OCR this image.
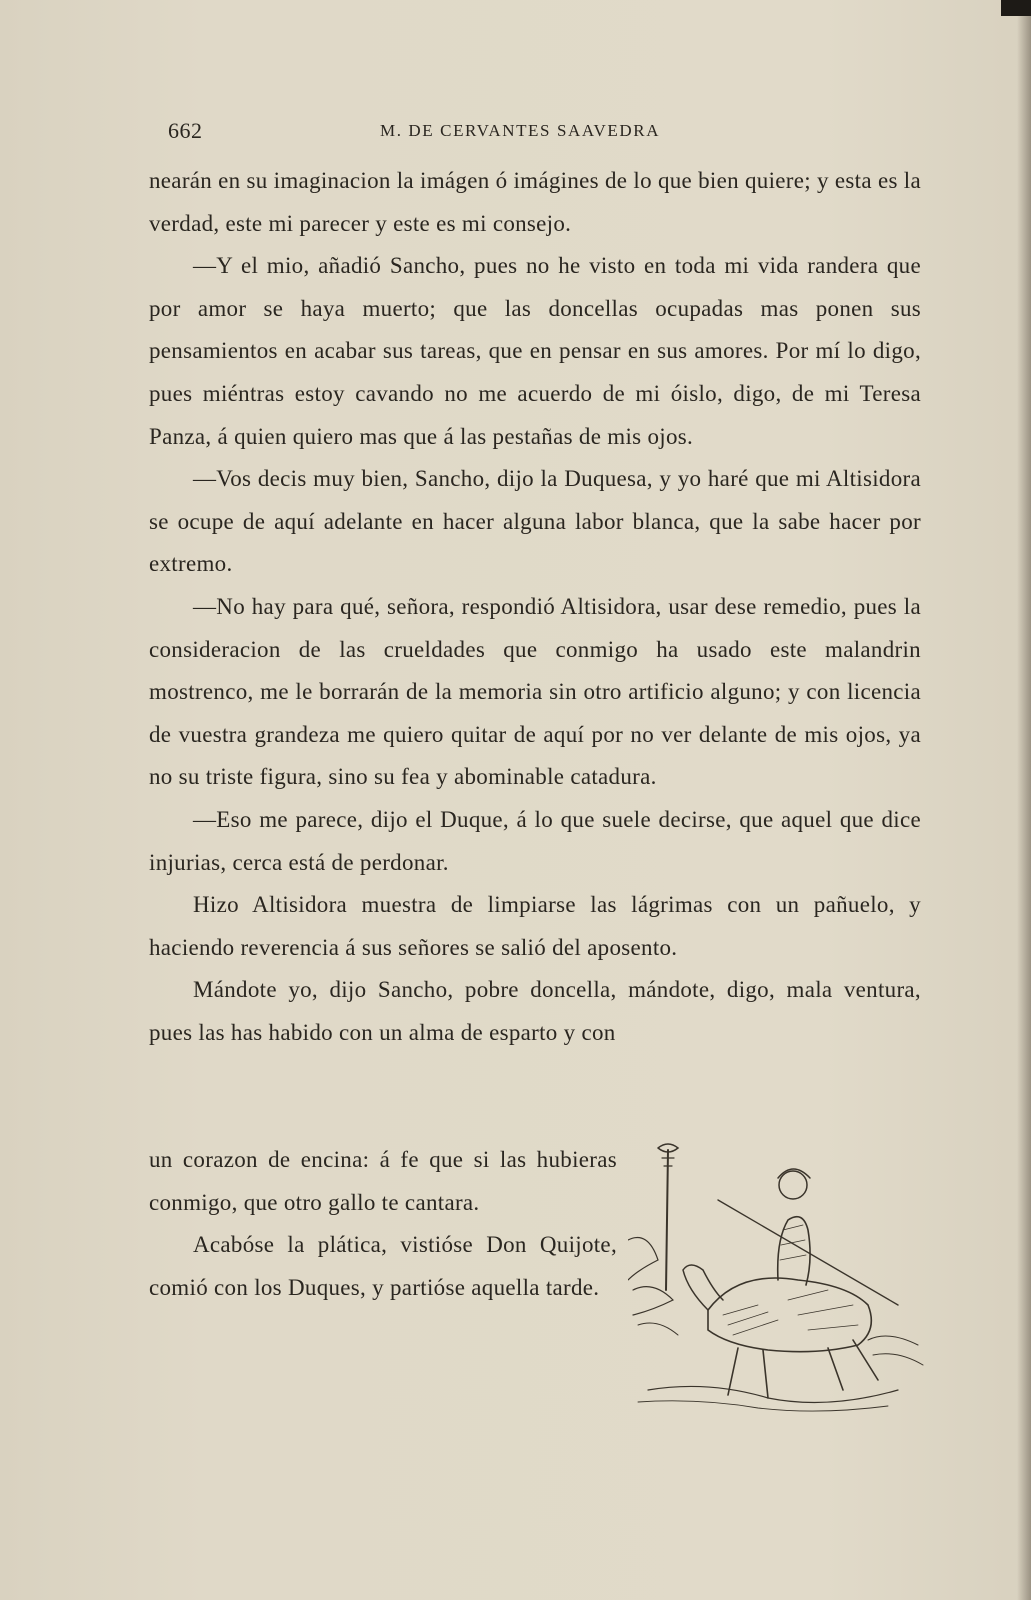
662	M. DE CERVANTES SAAVEDRA

nearán en su imaginacion la imágen ó imágines de lo que bien quiere; y esta es la verdad, este mi parecer y este es mi consejo.

—Y el mio, añadió Sancho, pues no he visto en toda mi vida randera que por amor se haya muerto; que las doncellas ocupadas mas ponen sus pensamientos en acabar sus tareas, que en pensar en sus amores. Por mí lo digo, pues miéntras estoy cavando no me acuerdo de mi óislo, digo, de mi Teresa Panza, á quien quiero mas que á las pestañas de mis ojos.

—Vos decis muy bien, Sancho, dijo la Duquesa, y yo haré que mi Altisidora se ocupe de aquí adelante en hacer alguna labor blanca, que la sabe hacer por extremo.

—No hay para qué, señora, respondió Altisidora, usar dese remedio, pues la consideracion de las crueldades que conmigo ha usado este malandrin mostrenco, me le borrarán de la memoria sin otro artificio alguno; y con licencia de vuestra grandeza me quiero quitar de aquí por no ver delante de mis ojos, ya no su triste figura, sino su fea y abominable catadura.

—Eso me parece, dijo el Duque, á lo que suele decirse, que aquel que dice injurias, cerca está de perdonar.

Hizo Altisidora muestra de limpiarse las lágrimas con un pañuelo, y haciendo reverencia á sus señores se salió del aposento.

Mándote yo, dijo Sancho, pobre doncella, mándote, digo, mala ventura, pues las has habido con un alma de esparto y con

un corazon de encina: á fe que si las hubieras conmigo, que otro gallo te cantara.

Acabóse la plática, vistióse Don Quijote, comió con los Duques, y partióse aquella tarde.
